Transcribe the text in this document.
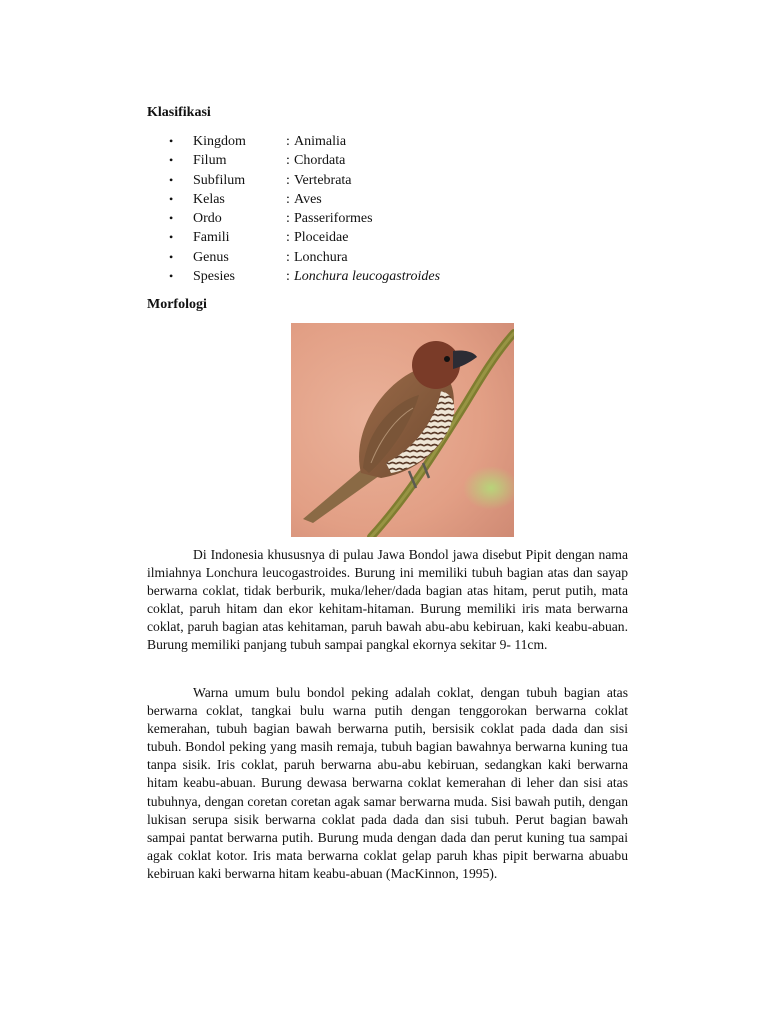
Klasifikasi
• Kingdom	: Animalia
• Filum	: Chordata
• Subfilum	: Vertebrata
• Kelas	: Aves
• Ordo	: Passeriformes
• Famili	: Ploceidae
• Genus	: Lonchura
• Spesies	: Lonchura leucogastroides
Morfologi

Di Indonesia khususnya di pulau Jawa Bondol jawa disebut Pipit dengan nama ilmiahnya Lonchura leucogastroides. Burung ini memiliki tubuh bagian atas dan sayap berwarna coklat, tidak berburik, muka/leher/dada bagian atas hitam, perut putih, mata coklat, paruh hitam dan ekor kehitam-hitaman. Burung memiliki iris mata berwarna coklat, paruh bagian atas kehitaman, paruh bawah abu-abu kebiruan, kaki keabu-abuan. Burung memiliki panjang tubuh sampai pangkal ekornya sekitar 9- 11cm.

Warna umum bulu bondol peking adalah coklat, dengan tubuh bagian atas berwarna coklat, tangkai bulu warna putih dengan tenggorokan berwarna coklat kemerahan, tubuh bagian bawah berwarna putih, bersisik coklat pada dada dan sisi tubuh. Bondol peking yang masih remaja, tubuh bagian bawahnya berwarna kuning tua tanpa sisik. Iris coklat, paruh berwarna abu-abu kebiruan, sedangkan kaki berwarna hitam keabu-abuan. Burung dewasa berwarna coklat kemerahan di leher dan sisi atas tubuhnya, dengan coretan coretan agak samar berwarna muda. Sisi bawah putih, dengan lukisan serupa sisik berwarna coklat pada dada dan sisi tubuh. Perut bagian bawah sampai pantat berwarna putih. Burung muda dengan dada dan perut kuning tua sampai agak coklat kotor. Iris mata berwarna coklat gelap paruh khas pipit berwarna abuabu kebiruan kaki berwarna hitam keabu-abuan (MacKinnon, 1995).
